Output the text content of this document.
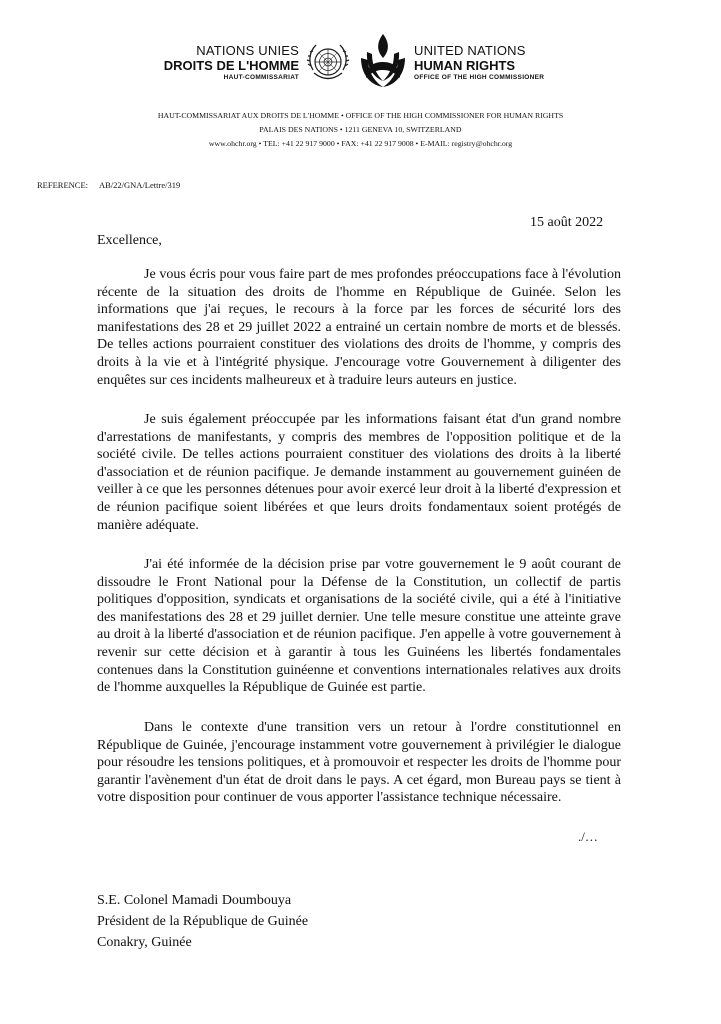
NATIONS UNIES
DROITS DE L'HOMME
HAUT-COMMISSARIAT
UNITED NATIONS
HUMAN RIGHTS
OFFICE OF THE HIGH COMMISSIONER
HAUT-COMMISSARIAT AUX DROITS DE L'HOMME • OFFICE OF THE HIGH COMMISSIONER FOR HUMAN RIGHTS
PALAIS DES NATIONS • 1211 GENEVA 10, SWITZERLAND
www.ohchr.org • TEL: +41 22 917 9000 • FAX: +41 22 917 9008 • E-MAIL: registry@ohchr.org
REFERENCE: AB/22/GNA/Lettre/319
15 août 2022
Excellence,

Je vous écris pour vous faire part de mes profondes préoccupations face à l'évolution récente de la situation des droits de l'homme en République de Guinée. Selon les informations que j'ai reçues, le recours à la force par les forces de sécurité lors des manifestations des 28 et 29 juillet 2022 a entrainé un certain nombre de morts et de blessés. De telles actions pourraient constituer des violations des droits de l'homme, y compris des droits à la vie et à l'intégrité physique. J'encourage votre Gouvernement à diligenter des enquêtes sur ces incidents malheureux et à traduire leurs auteurs en justice.

Je suis également préoccupée par les informations faisant état d'un grand nombre d'arrestations de manifestants, y compris des membres de l'opposition politique et de la société civile. De telles actions pourraient constituer des violations des droits à la liberté d'association et de réunion pacifique. Je demande instamment au gouvernement guinéen de veiller à ce que les personnes détenues pour avoir exercé leur droit à la liberté d'expression et de réunion pacifique soient libérées et que leurs droits fondamentaux soient protégés de manière adéquate.

J'ai été informée de la décision prise par votre gouvernement le 9 août courant de dissoudre le Front National pour la Défense de la Constitution, un collectif de partis politiques d'opposition, syndicats et organisations de la société civile, qui a été à l'initiative des manifestations des 28 et 29 juillet dernier. Une telle mesure constitue une atteinte grave au droit à la liberté d'association et de réunion pacifique. J'en appelle à votre gouvernement à revenir sur cette décision et à garantir à tous les Guinéens les libertés fondamentales contenues dans la Constitution guinéenne et conventions internationales relatives aux droits de l'homme auxquelles la République de Guinée est partie.

Dans le contexte d'une transition vers un retour à l'ordre constitutionnel en République de Guinée, j'encourage instamment votre gouvernement à privilégier le dialogue pour résoudre les tensions politiques, et à promouvoir et respecter les droits de l'homme pour garantir l'avènement d'un état de droit dans le pays. A cet égard, mon Bureau pays se tient à votre disposition pour continuer de vous apporter l'assistance technique nécessaire.

./…
S.E. Colonel Mamadi Doumbouya
Président de la République de Guinée
Conakry, Guinée
